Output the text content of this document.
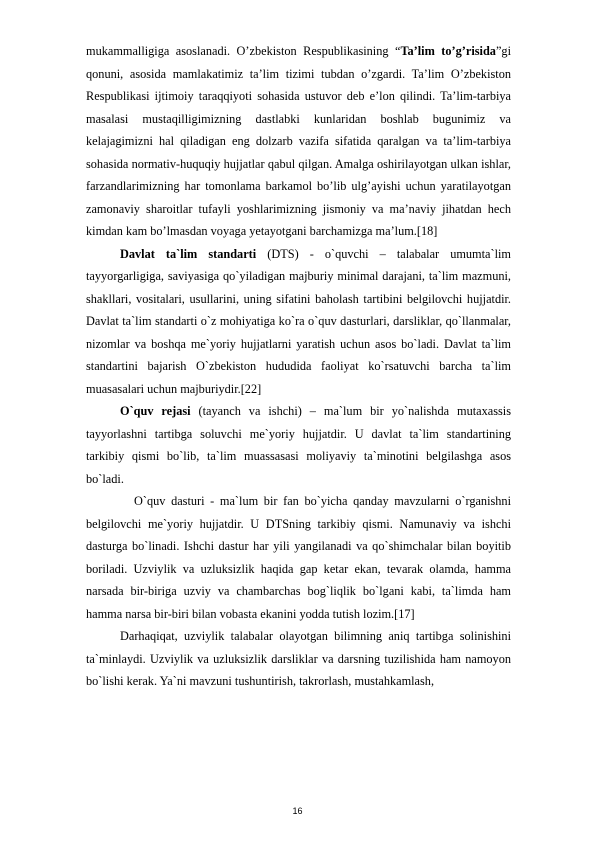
mukammalligiga asoslanadi. O’zbekiston Respublikasining “Ta’lim to’g’risida”gi qonuni, asosida mamlakatimiz ta’lim tizimi tubdan o’zgardi. Ta’lim O’zbekiston Respublikasi ijtimoiy taraqqiyoti sohasida ustuvor deb e’lon qilindi. Ta’lim-tarbiya masalasi mustaqilligimizning dastlabki kunlaridan boshlab bugunimiz va kelajagimizni hal qiladigan eng dolzarb vazifa sifatida qaralgan va ta’lim-tarbiya sohasida normativ-huquqiy hujjatlar qabul qilgan. Amalga oshirilayotgan ulkan ishlar, farzandlarimizning har tomonlama barkamol bo’lib ulg’ayishi uchun yaratilayotgan zamonaviy sharoitlar tufayli yoshlarimizning jismoniy va ma’naviy jihatdan hech kimdan kam bo’lmasdan voyaga yetayotgani barchamizga ma’lum.[18]

Davlat ta`lim standarti (DTS) - o`quvchi – talabalar umumta`lim tayyorgarligiga, saviyasiga qo`yiladigan majburiy minimal darajani, ta`lim mazmuni, shakllari, vositalari, usullarini, uning sifatini baholash tartibini belgilovchi hujjatdir. Davlat ta`lim standarti o`z mohiyatiga ko`ra o`quv dasturlari, darsliklar, qo`llanmalar, nizomlar va boshqa me`yoriy hujjatlarni yaratish uchun asos bo`ladi. Davlat ta`lim standartini bajarish O`zbekiston hududida faoliyat ko`rsatuvchi barcha ta`lim muasasalari uchun majburiydir.[22]

O`quv rejasi (tayanch va ishchi) – ma`lum bir yo`nalishda mutaxassis tayyorlashni tartibga soluvchi me`yoriy hujjatdir. U davlat ta`lim standartining tarkibiy qismi bo`lib, ta`lim muassasasi moliyaviy ta`minotini belgilashga asos bo`ladi.

O`quv dasturi - ma`lum bir fan bo`yicha qanday mavzularni o`rganishni belgilovchi me`yoriy hujjatdir. U DTSning tarkibiy qismi. Namunaviy va ishchi dasturga bo`linadi. Ishchi dastur har yili yangilanadi va qo`shimchalar bilan boyitib boriladi. Uzviylik va uzluksizlik haqida gap ketar ekan, tevarak olamda, hamma narsada bir-biriga uzviy va chambarchas bog`liqlik bo`lgani kabi, ta`limda ham hamma narsa bir-biri bilan vobasta ekanini yodda tutish lozim.[17]

Darhaqiqat, uzviylik talabalar olayotgan bilimning aniq tartibga solinishini ta`minlaydi. Uzviylik va uzluksizlik darsliklar va darsning tuzilishida ham namoyon bo`lishi kerak. Ya`ni mavzuni tushuntirish, takrorlash, mustahkamlash,

16
